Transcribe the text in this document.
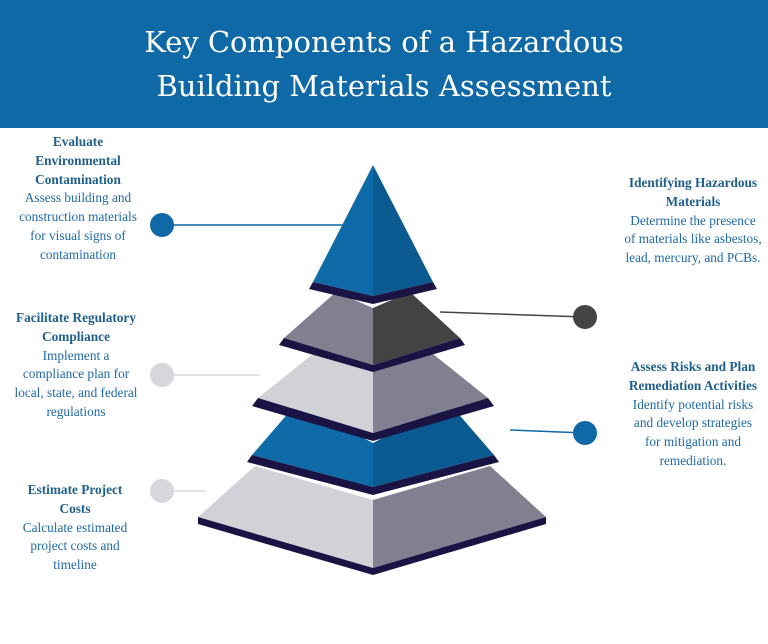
Key Components of a Hazardous Building Materials Assessment
Evaluate Environmental Contamination
Assess building and construction materials for visual signs of contamination
Facilitate Regulatory Compliance
Implement a compliance plan for local, state, and federal regulations
Estimate Project Costs
Calculate estimated project costs and timeline
Identifying Hazardous Materials
Determine the presence of materials like asbestos, lead, mercury, and PCBs.
Assess Risks and Plan Remediation Activities Identify potential risks and develop strategies for mitigation and remediation.
